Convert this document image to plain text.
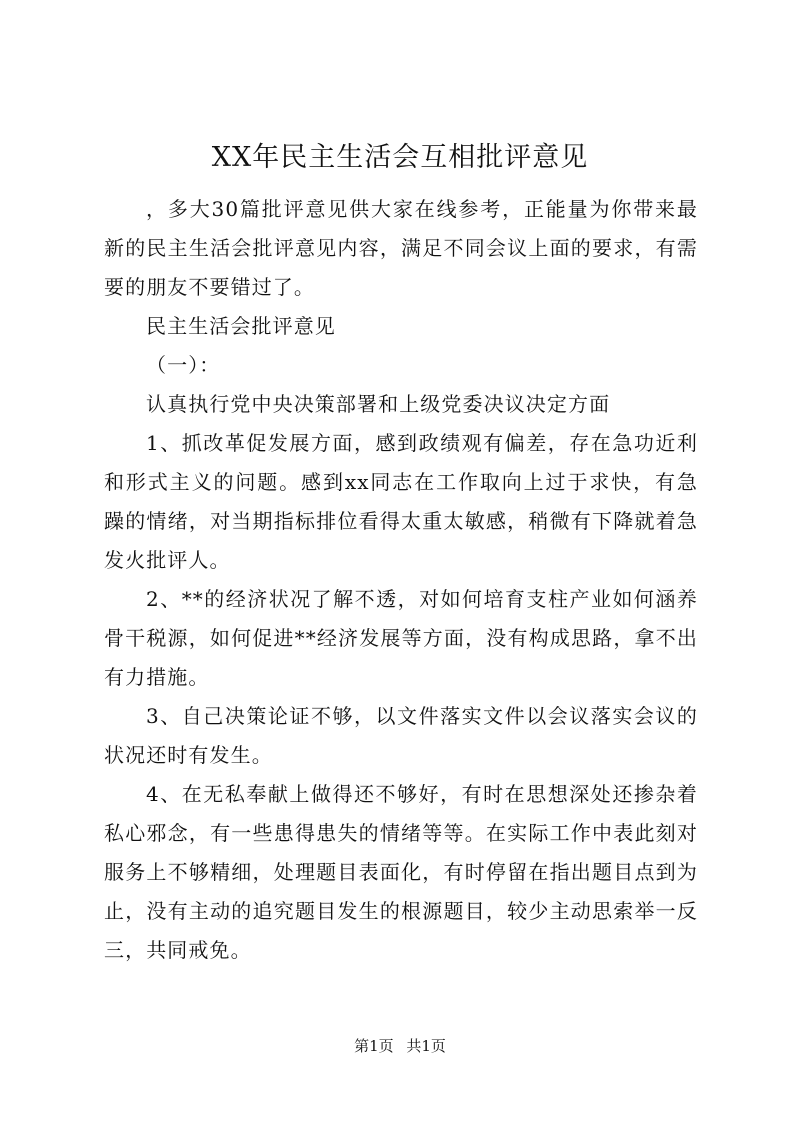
XX年民主生活会互相批评意见

，多大30篇批评意见供大家在线参考，正能量为你带来最新的民主生活会批评意见内容，满足不同会议上面的要求，有需要的朋友不要错过了。

民主生活会批评意见

（一）：

认真执行党中央决策部署和上级党委决议决定方面

1、抓改革促发展方面，感到政绩观有偏差，存在急功近利和形式主义的问题。感到xx同志在工作取向上过于求快，有急躁的情绪，对当期指标排位看得太重太敏感，稍微有下降就着急发火批评人。

2、**的经济状况了解不透，对如何培育支柱产业如何涵养骨干税源，如何促进**经济发展等方面，没有构成思路，拿不出有力措施。

3、自己决策论证不够，以文件落实文件以会议落实会议的状况还时有发生。

4、在无私奉献上做得还不够好，有时在思想深处还掺杂着私心邪念，有一些患得患失的情绪等等。在实际工作中表此刻对服务上不够精细，处理题目表面化，有时停留在指出题目点到为止，没有主动的追究题目发生的根源题目，较少主动思索举一反三，共同戒免。

第1页 共1页
